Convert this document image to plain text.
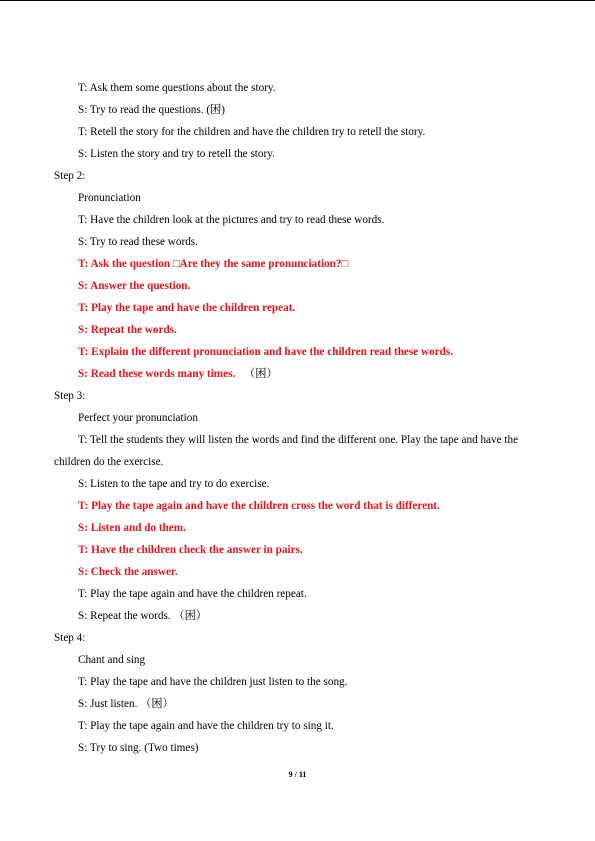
T: Ask them some questions about the story.
S: Try to read the questions. (困)
T: Retell the story for the children and have the children try to retell the story.
S: Listen the story and try to retell the story.
Step 2:
Pronunciation
T: Have the children look at the pictures and try to read these words.
S: Try to read these words.
T: Ask the question □Are they the same pronunciation?□
S: Answer the question.
T: Play the tape and have the children repeat.
S: Repeat the words.
T: Explain the different pronunciation and have the children read these words.
S: Read these words many times. （困）
Step 3:
Perfect your pronunciation
T: Tell the students they will listen the words and find the different one. Play the tape and have the children do the exercise.
S: Listen to the tape and try to do exercise.
T: Play the tape again and have the children cross the word that is different.
S: Listen and do them.
T: Have the children check the answer in pairs.
S: Check the answer.
T: Play the tape again and have the children repeat.
S: Repeat the words. （困）
Step 4:
Chant and sing
T: Play the tape and have the children just listen to the song.
S: Just listen. （困）
T: Play the tape again and have the children try to sing it.
S: Try to sing. (Two times)
9 / 11
